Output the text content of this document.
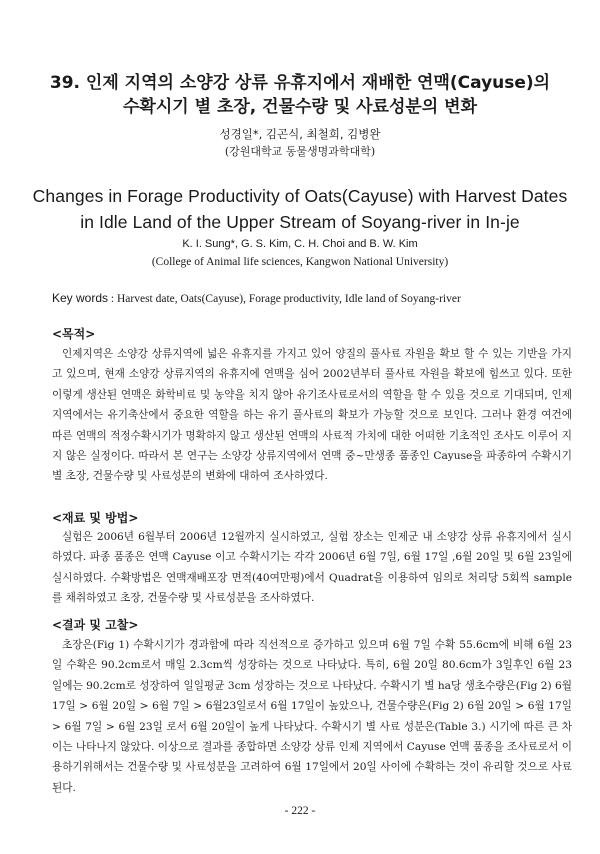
39. 인제 지역의 소양강 상류 유휴지에서 재배한 연맥(Cayuse)의
수확시기 별 초장, 건물수량 및 사료성분의 변화
성경일*, 김곤식, 최철희, 김병완
(강원대학교 동물생명과학대학)
Changes in Forage Productivity of Oats(Cayuse) with Harvest Dates
in Idle Land of the Upper Stream of Soyang-river in In-je
K. I. Sung*, G. S. Kim, C. H. Choi and B. W. Kim
(College of Animal life sciences, Kangwon National University)
Key words : Harvest date, Oats(Cayuse), Forage productivity, Idle land of Soyang-river
<목적>

인제지역은 소양강 상류지역에 넓은 유휴지를 가지고 있어 양질의 풀사료 자원을 확보 할 수 있는 기반을 가지고 있으며, 현재 소양강 상류지역의 유휴지에 연맥을 심어 2002년부터 풀사료 자원을 확보에 힘쓰고 있다. 또한 이렇게 생산된 연맥은 화학비료 및 농약을 치지 않아 유기조사료로서의 역할을 할 수 있을 것으로 기대되며, 인제지역에서는 유기축산에서 중요한 역할을 하는 유기 풀사료의 확보가 가능할 것으로 보인다. 그러나 환경 여건에 따른 연맥의 적정수확시기가 명확하지 않고 생산된 연맥의 사료적 가치에 대한 어떠한 기초적인 조사도 이루어 지지 않은 실정이다. 따라서 본 연구는 소양강 상류지역에서 연맥 중~만생종 품종인 Cayuse을 파종하여 수확시기 별 초장, 건물수량 및 사료성분의 변화에 대하여 조사하였다.

<재료 및 방법>

실험은 2006년 6월부터 2006년 12월까지 실시하였고, 실험 장소는 인제군 내 소양강 상류 유휴지에서 실시하였다. 파종 품종은 연맥 Cayuse 이고 수확시기는 각각 2006년 6월 7일, 6월 17일 ,6월 20일 및 6월 23일에 실시하였다. 수확방법은 연맥재배포장 면적(40여만평)에서 Quadrat을 이용하여 임의로 처리당 5회씩 sample를 채취하였고 초장, 건물수량 및 사료성분을 조사하였다.

<결과 및 고찰>

초장은(Fig 1) 수확시기가 경과함에 따라 직선적으로 증가하고 있으며 6월 7일 수확 55.6cm에 비해 6월 23일 수확은 90.2cm로서 매일 2.3cm씩 성장하는 것으로 나타났다. 특히, 6월 20일 80.6cm가 3일후인 6월 23일에는 90.2cm로 성장하여 일일평균 3cm 성장하는 것으로 나타났다. 수확시기 별 ha당 생초수량은(Fig 2) 6월 17일 > 6월 20일 > 6월 7일 > 6월23일로서 6월 17일이 높았으나, 건물수량은(Fig 2) 6월 20일 > 6월 17일 > 6월 7일 > 6월 23일 로서 6월 20일이 높게 나타났다. 수확시기 별 사료 성분은(Table 3.) 시기에 따른 큰 차이는 나타나지 않았다. 이상으로 결과를 종합하면 소양강 상류 인제 지역에서 Cayuse 연맥 품종을 조사료로서 이용하기위해서는 건물수량 및 사료성분을 고려하여 6월 17일에서 20일 사이에 수확하는 것이 유리할 것으로 사료된다.

- 222 -
